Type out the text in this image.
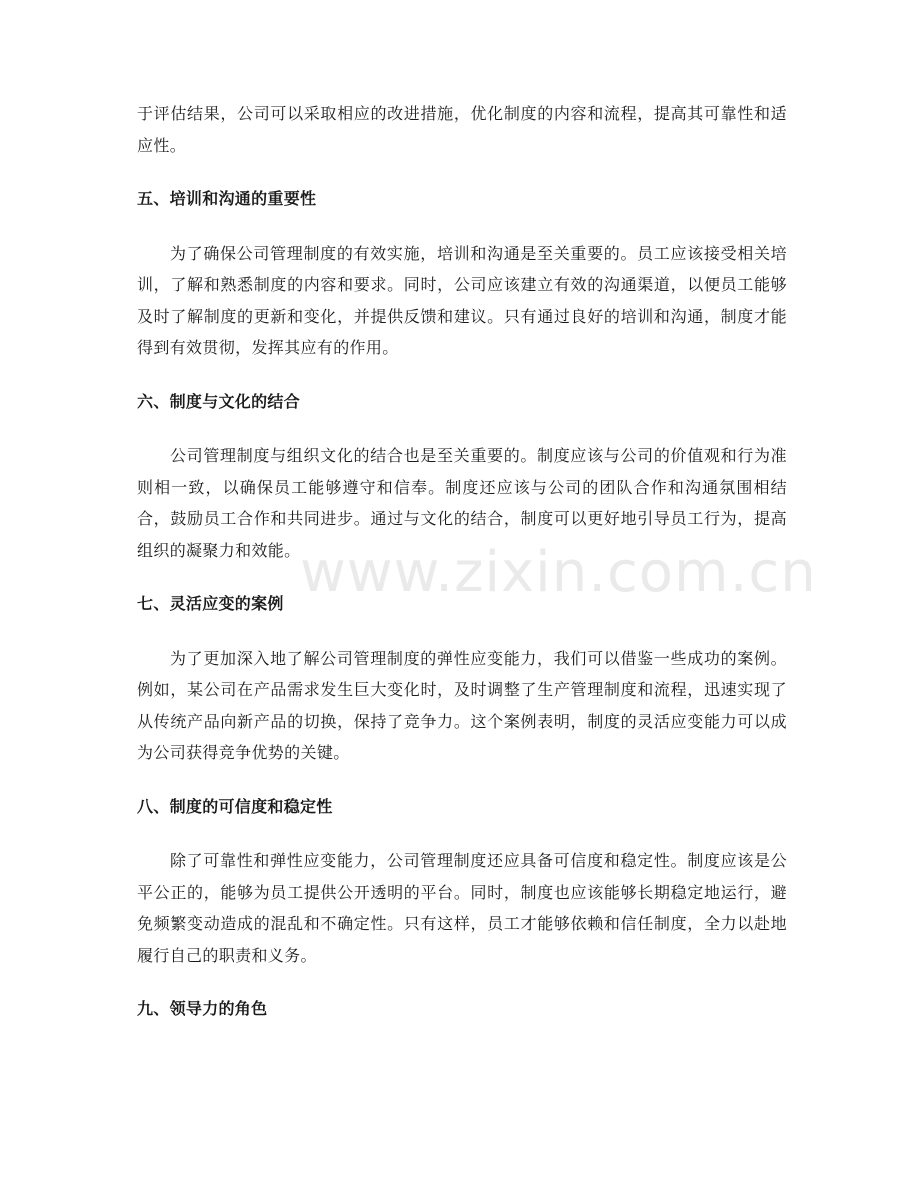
于评估结果，公司可以采取相应的改进措施，优化制度的内容和流程，提高其可靠性和适应性。

五、培训和沟通的重要性

为了确保公司管理制度的有效实施，培训和沟通是至关重要的。员工应该接受相关培训，了解和熟悉制度的内容和要求。同时，公司应该建立有效的沟通渠道，以便员工能够及时了解制度的更新和变化，并提供反馈和建议。只有通过良好的培训和沟通，制度才能得到有效贯彻，发挥其应有的作用。

六、制度与文化的结合

公司管理制度与组织文化的结合也是至关重要的。制度应该与公司的价值观和行为准则相一致，以确保员工能够遵守和信奉。制度还应该与公司的团队合作和沟通氛围相结合，鼓励员工合作和共同进步。通过与文化的结合，制度可以更好地引导员工行为，提高组织的凝聚力和效能。

七、灵活应变的案例

为了更加深入地了解公司管理制度的弹性应变能力，我们可以借鉴一些成功的案例。例如，某公司在产品需求发生巨大变化时，及时调整了生产管理制度和流程，迅速实现了从传统产品向新产品的切换，保持了竞争力。这个案例表明，制度的灵活应变能力可以成为公司获得竞争优势的关键。

八、制度的可信度和稳定性

除了可靠性和弹性应变能力，公司管理制度还应具备可信度和稳定性。制度应该是公平公正的，能够为员工提供公开透明的平台。同时，制度也应该能够长期稳定地运行，避免频繁变动造成的混乱和不确定性。只有这样，员工才能够依赖和信任制度，全力以赴地履行自己的职责和义务。

九、领导力的角色
www.zixin.com.cn
